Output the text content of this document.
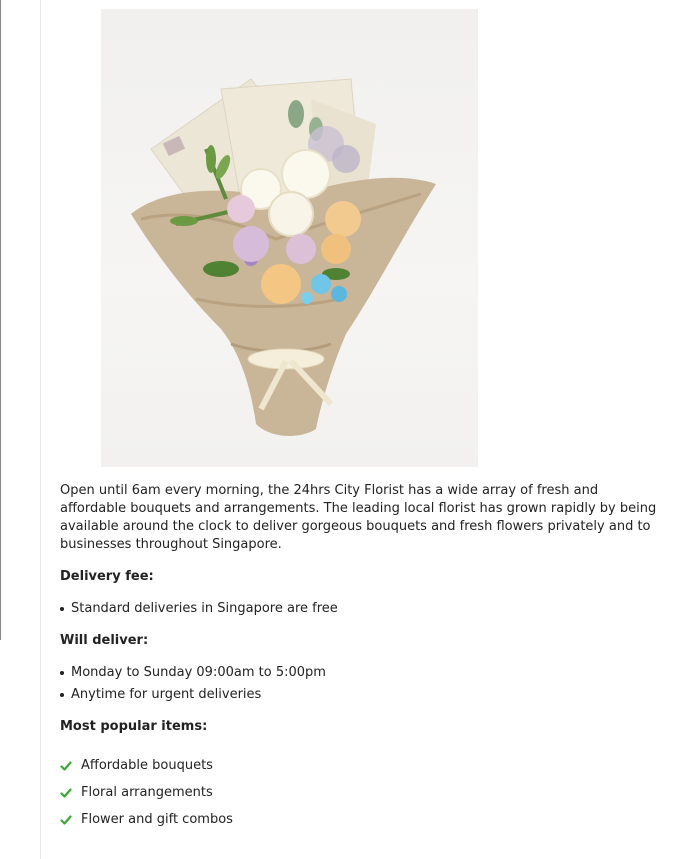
Open until 6am every morning, the 24hrs City Florist has a wide array of fresh and affordable bouquets and arrangements. The leading local florist has grown rapidly by being available around the clock to deliver gorgeous bouquets and fresh flowers privately and to businesses throughout Singapore.

Delivery fee:
Standard deliveries in Singapore are free
Will deliver:
Monday to Sunday 09:00am to 5:00pm
Anytime for urgent deliveries
Most popular items:
Affordable bouquets
Floral arrangements
Flower and gift combos
